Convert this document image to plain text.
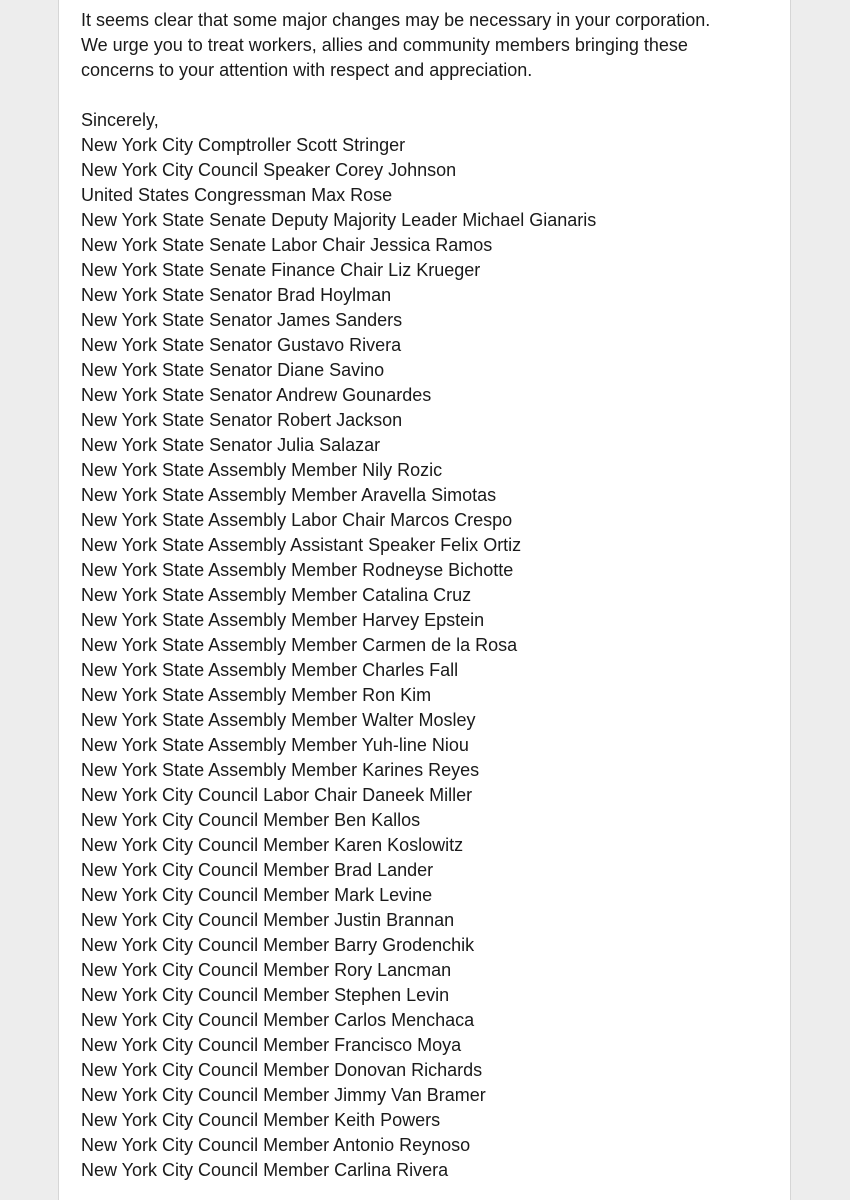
It seems clear that some major changes may be necessary in your corporation.

We urge you to treat workers, allies and community members bringing these

concerns to your attention with respect and appreciation.

Sincerely,

New York City Comptroller Scott Stringer

New York City Council Speaker Corey Johnson

United States Congressman Max Rose

New York State Senate Deputy Majority Leader Michael Gianaris

New York State Senate Labor Chair Jessica Ramos

New York State Senate Finance Chair Liz Krueger

New York State Senator Brad Hoylman

New York State Senator James Sanders

New York State Senator Gustavo Rivera

New York State Senator Diane Savino

New York State Senator Andrew Gounardes

New York State Senator Robert Jackson

New York State Senator Julia Salazar

New York State Assembly Member Nily Rozic

New York State Assembly Member Aravella Simotas

New York State Assembly Labor Chair Marcos Crespo

New York State Assembly Assistant Speaker Felix Ortiz

New York State Assembly Member Rodneyse Bichotte

New York State Assembly Member Catalina Cruz

New York State Assembly Member Harvey Epstein

New York State Assembly Member Carmen de la Rosa

New York State Assembly Member Charles Fall

New York State Assembly Member Ron Kim

New York State Assembly Member Walter Mosley

New York State Assembly Member Yuh-line Niou

New York State Assembly Member Karines Reyes

New York City Council Labor Chair Daneek Miller

New York City Council Member Ben Kallos

New York City Council Member Karen Koslowitz

New York City Council Member Brad Lander

New York City Council Member Mark Levine

New York City Council Member Justin Brannan

New York City Council Member Barry Grodenchik

New York City Council Member Rory Lancman

New York City Council Member Stephen Levin

New York City Council Member Carlos Menchaca

New York City Council Member Francisco Moya

New York City Council Member Donovan Richards

New York City Council Member Jimmy Van Bramer

New York City Council Member Keith Powers

New York City Council Member Antonio Reynoso

New York City Council Member Carlina Rivera
